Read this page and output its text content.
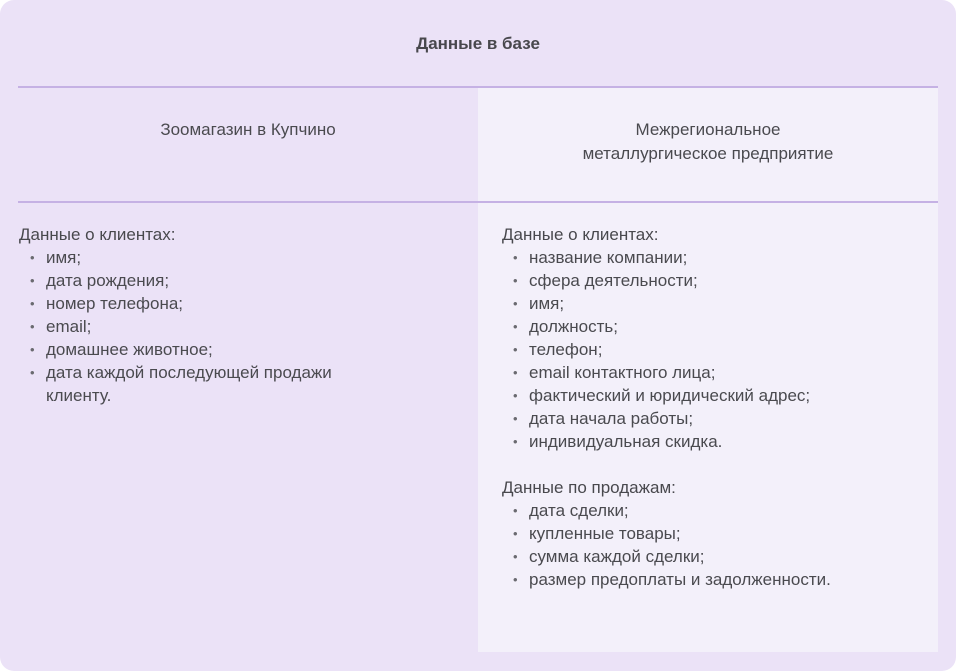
Данные в базе
Зоомагазин в Купчино	Межрегиональное
металлургическое предприятие
Данные о клиентах:
• имя;
• дата рождения;
• номер телефона;
• email;
• домашнее животное;
• дата каждой последующей продажи клиенту.
Данные о клиентах:
• название компании;
• сфера деятельности;
• имя;
• должность;
• телефон;
• email контактного лица;
• фактический и юридический адрес;
• дата начала работы;
• индивидуальная скидка.
Данные по продажам:
• дата сделки;
• купленные товары;
• сумма каждой сделки;
• размер предоплаты и задолженности.
